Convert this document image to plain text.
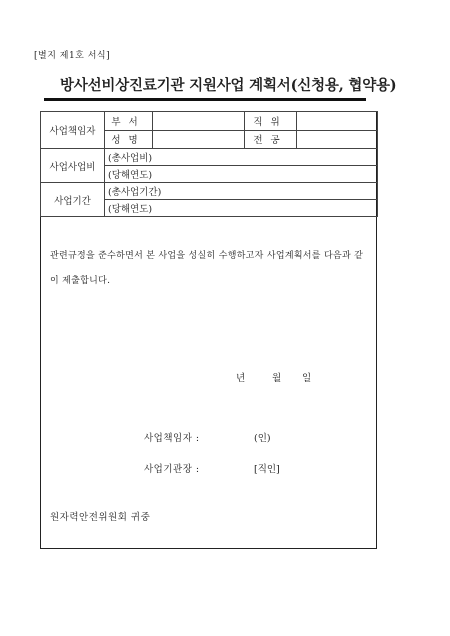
[별지 제1호 서식]
방사선비상진료기관 지원사업 계획서(신청용, 협약용)
사업책임자	부서		직위	
	성명		전공	
사업사업비	(총사업비)			
	(당해연도)			
사업기간	(총사업기간)			
	(당해연도)			
관련규정을 준수하면서 본 사업을 성실히 수행하고자 사업계획서를 다음과 같이 제출합니다.
년	월 일
사업책임자 :	(인)
사업기관장 :	[직인]
원자력안전위원회 귀중
